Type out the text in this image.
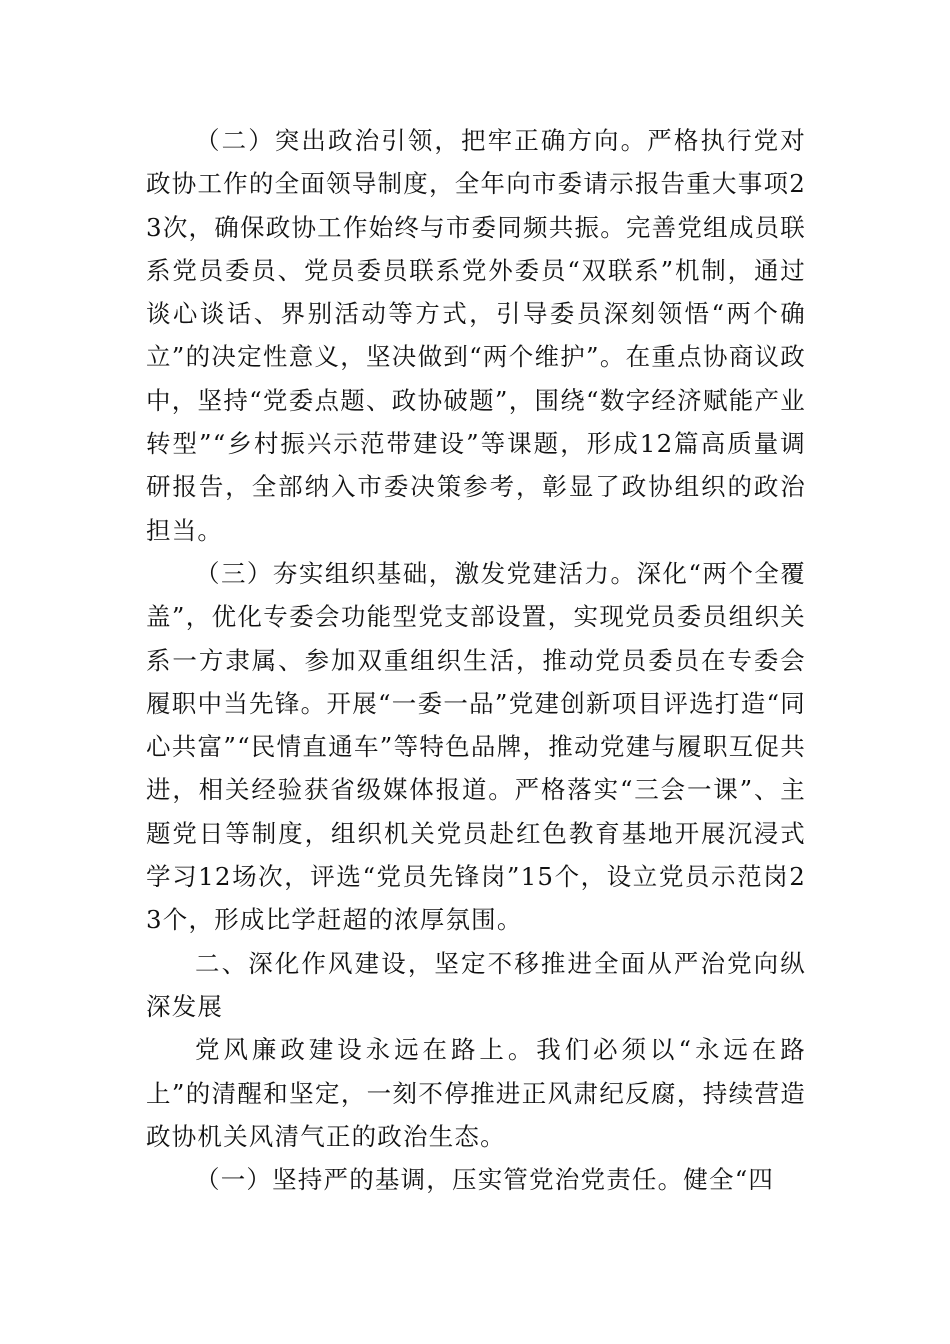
（二）突出政治引领，把牢正确方向。严格执行党对政协工作的全面领导制度，全年向市委请示报告重大事项23次，确保政协工作始终与市委同频共振。完善党组成员联系党员委员、党员委员联系党外委员“双联系”机制，通过谈心谈话、界别活动等方式，引导委员深刻领悟“两个确立”的决定性意义，坚决做到“两个维护”。在重点协商议政中，坚持“党委点题、政协破题”，围绕“数字经济赋能产业转型”“乡村振兴示范带建设”等课题，形成12篇高质量调研报告，全部纳入市委决策参考，彰显了政协组织的政治担当。

（三）夯实组织基础，激发党建活力。深化“两个全覆盖”，优化专委会功能型党支部设置，实现党员委员组织关系一方隶属、参加双重组织生活，推动党员委员在专委会履职中当先锋。开展“一委一品”党建创新项目评选打造“同心共富”“民情直通车”等特色品牌，推动党建与履职互促共进，相关经验获省级媒体报道。严格落实“三会一课”、主题党日等制度，组织机关党员赴红色教育基地开展沉浸式学习12场次，评选“党员先锋岗”15个，设立党员示范岗23个，形成比学赶超的浓厚氛围。

二、深化作风建设，坚定不移推进全面从严治党向纵深发展

党风廉政建设永远在路上。我们必须以“永远在路上”的清醒和坚定，一刻不停推进正风肃纪反腐，持续营造政协机关风清气正的政治生态。

（一）坚持严的基调，压实管党治党责任。健全“四
